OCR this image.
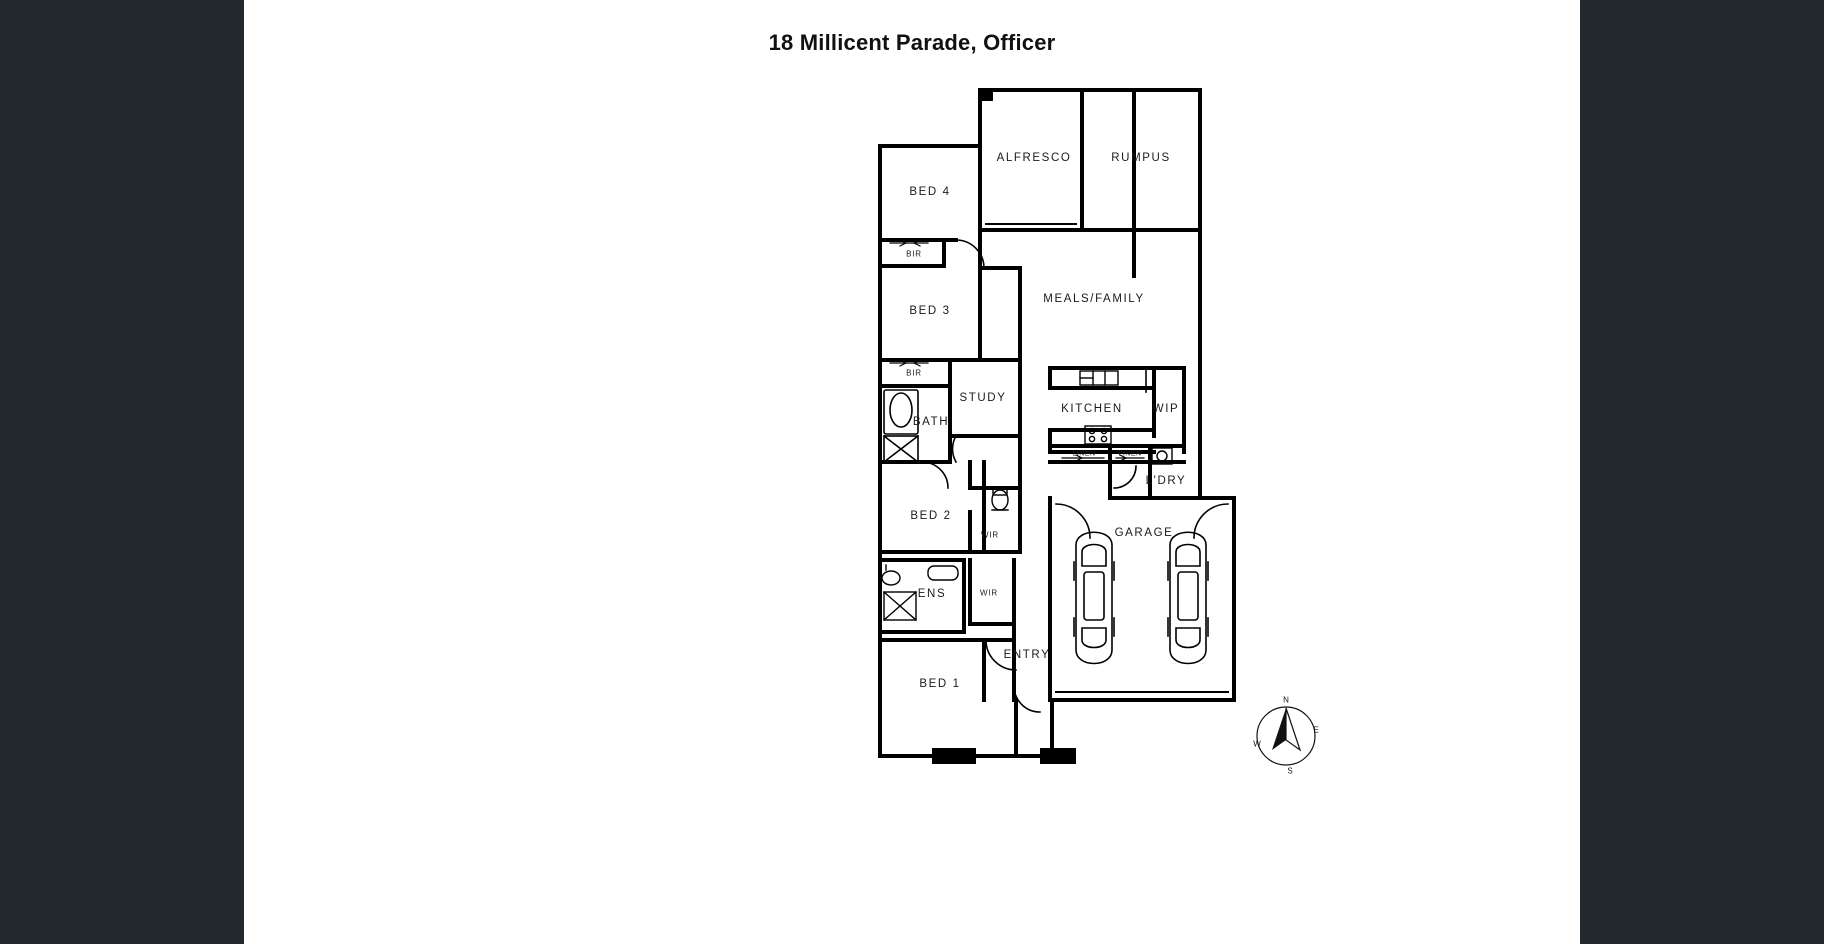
18 Millicent Parade, Officer
ALFRESCO	RUMPUS
BED 4
BIR
BED 3
BIR
MEALS/FAMILY
STUDY
BATH
KITCHEN	WIP
LINEN	LINEN
L'DRY
BED 2
WIR	GARAGE
ENS	WIR
ENTRY
BED 1
N
E
S
W
